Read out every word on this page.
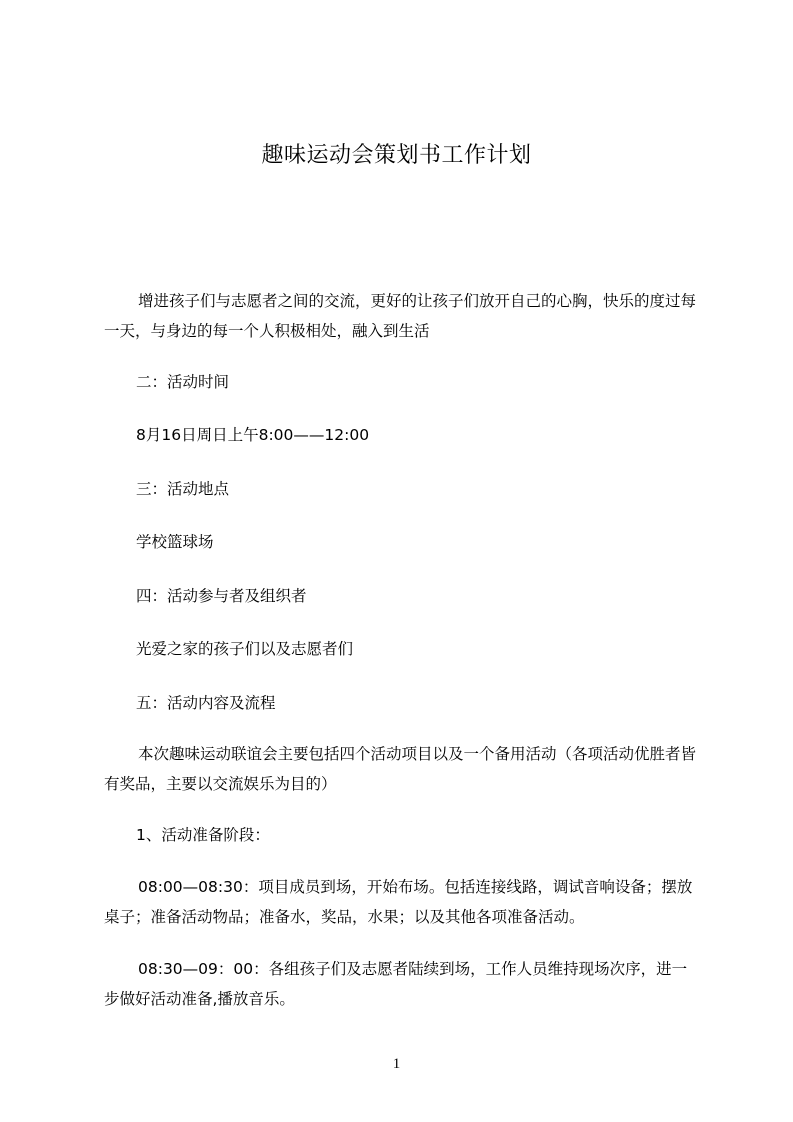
趣味运动会策划书工作计划

增进孩子们与志愿者之间的交流，更好的让孩子们放开自己的心胸，快乐的度过每一天，与身边的每一个人积极相处，融入到生活

二：活动时间

8月16日周日上午8:00——12:00

三：活动地点

学校篮球场

四：活动参与者及组织者

光爱之家的孩子们以及志愿者们

五：活动内容及流程

本次趣味运动联谊会主要包括四个活动项目以及一个备用活动（各项活动优胜者皆有奖品，主要以交流娱乐为目的）

1、活动准备阶段：

08:00—08:30：项目成员到场，开始布场。包括连接线路，调试音响设备；摆放桌子；准备活动物品；准备水，奖品，水果；以及其他各项准备活动。

08:30—09：00：各组孩子们及志愿者陆续到场，工作人员维持现场次序，进一步做好活动准备,播放音乐。

1
